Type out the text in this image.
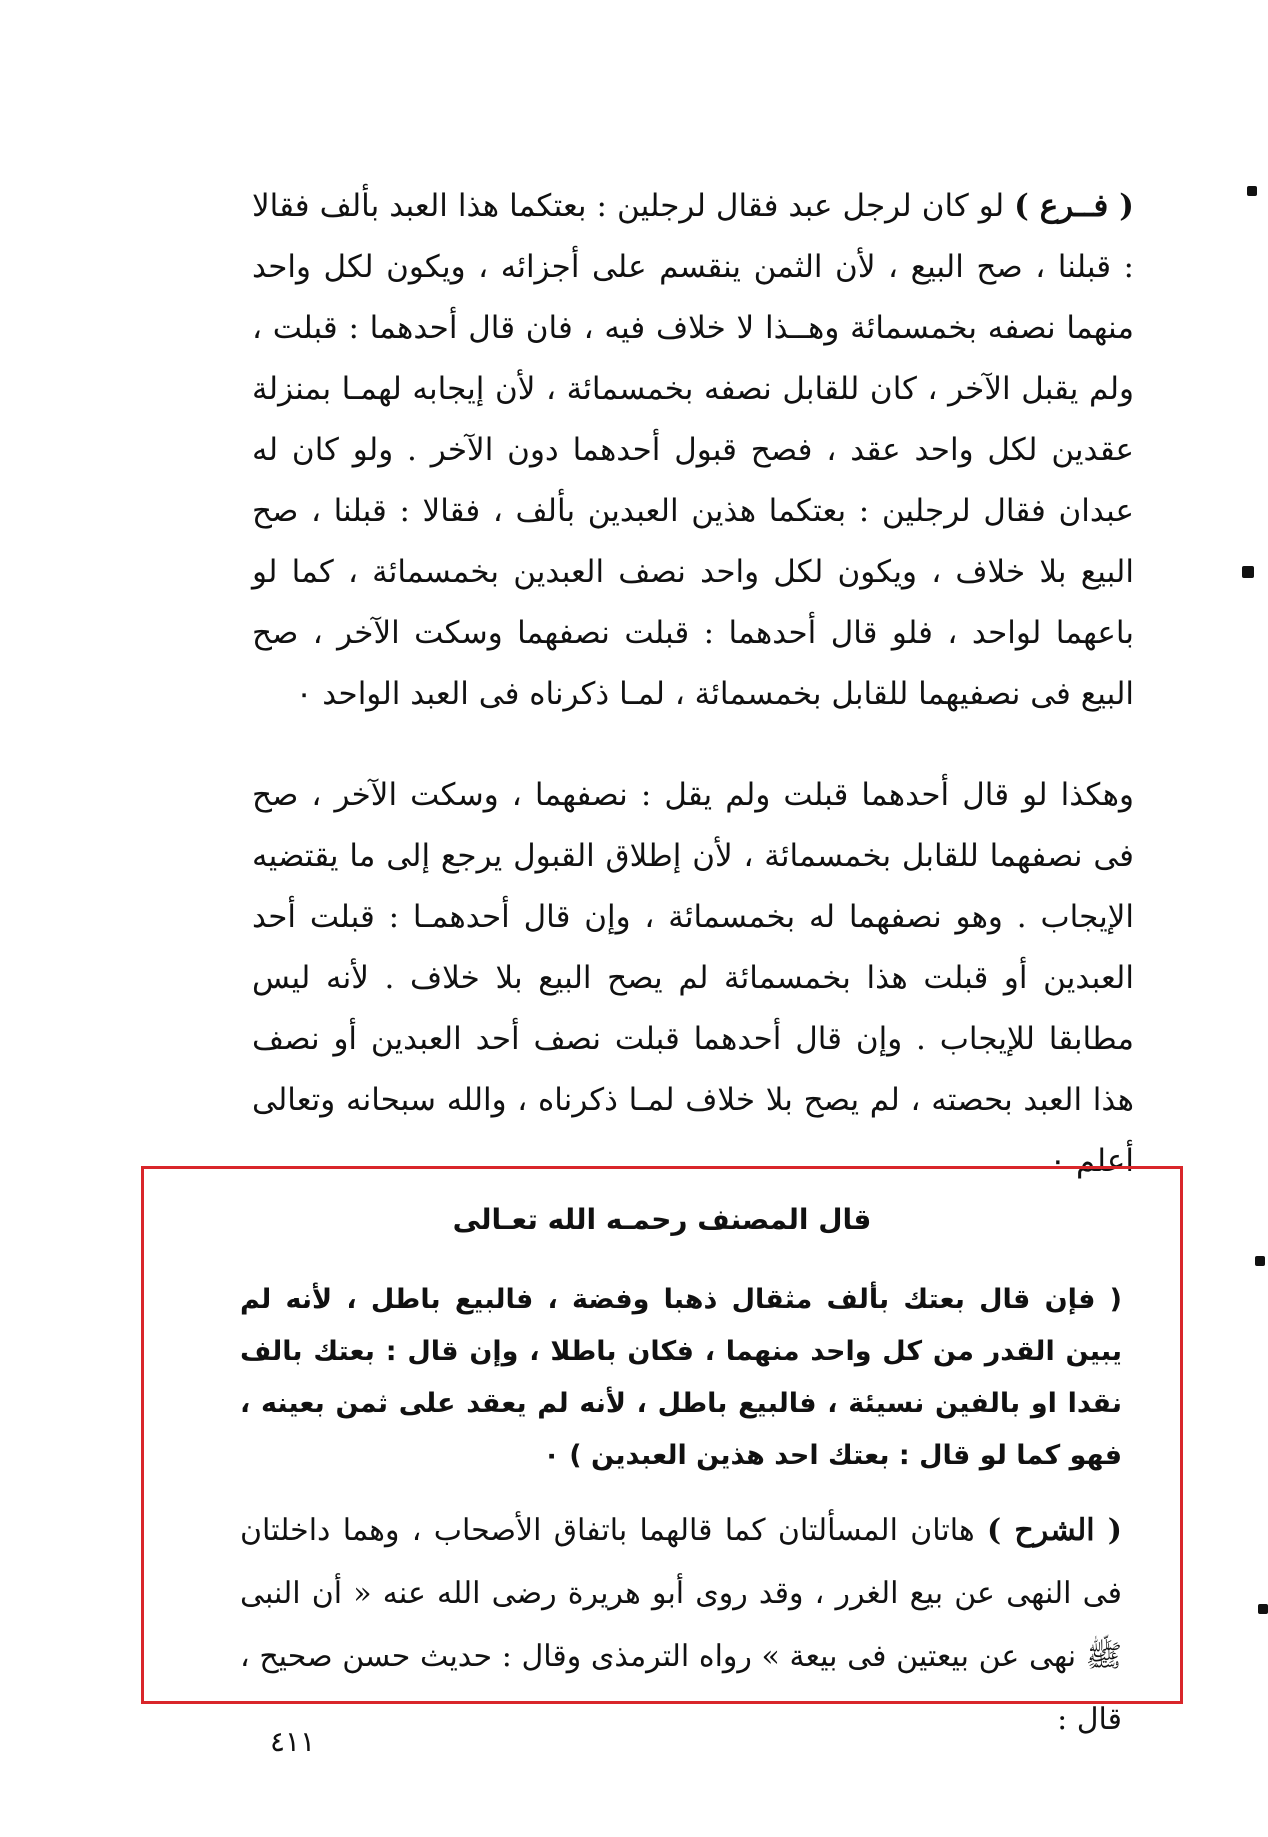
( فــرع ) لو كان لرجل عبد فقال لرجلين : بعتكما هذا العبد بألف فقالا : قبلنا ، صح البيع ، لأن الثمن ينقسم على أجزائه ، ويكون لكل واحد منهما نصفه بخمسمائة وهــذا لا خلاف فيه ، فان قال أحدهما : قبلت ، ولم يقبل الآخر ، كان للقابل نصفه بخمسمائة ، لأن إيجابه لهمـا بمنزلة عقدين لكل واحد عقد ، فصح قبول أحدهما دون الآخر . ولو كان له عبدان فقال لرجلين : بعتكما هذين العبدين بألف ، فقالا : قبلنا ، صح البيع بلا خلاف ، ويكون لكل واحد نصف العبدين بخمسمائة ، كما لو باعهما لواحد ، فلو قال أحدهما : قبلت نصفهما وسكت الآخر ، صح البيع فى نصفيهما للقابل بخمسمائة ، لمـا ذكرناه فى العبد الواحد ٠

وهكذا لو قال أحدهما قبلت ولم يقل : نصفهما ، وسكت الآخر ، صح فى نصفهما للقابل بخمسمائة ، لأن إطلاق القبول يرجع إلى ما يقتضيه الإيجاب . وهو نصفهما له بخمسمائة ، وإن قال أحدهمـا : قبلت أحد العبدين أو قبلت هذا بخمسمائة لم يصح البيع بلا خلاف . لأنه ليس مطابقا للإيجاب . وإن قال أحدهما قبلت نصف أحد العبدين أو نصف هذا العبد بحصته ، لم يصح بلا خلاف لمـا ذكرناه ، والله سبحانه وتعالى أعلم ٠

قال المصنف رحمـه الله تعـالى
( فإن قال بعتك بألف مثقال ذهبا وفضة ، فالبيع باطل ، لأنه لم يبين القدر من كل واحد منهما ، فكان باطلا ، وإن قال : بعتك بالف نقدا او بالفين نسيئة ، فالبيع باطل ، لأنه لم يعقد على ثمن بعينه ، فهو كما لو قال : بعتك احد هذين العبدين ) ٠
( الشرح ) هاتان المسألتان كما قالهما باتفاق الأصحاب ، وهما داخلتان فى النهى عن بيع الغرر ، وقد روى أبو هريرة رضى الله عنه « أن النبى ﷺ نهى عن بيعتين فى بيعة » رواه الترمذى وقال : حديث حسن صحيح ، قال :
٤١١
